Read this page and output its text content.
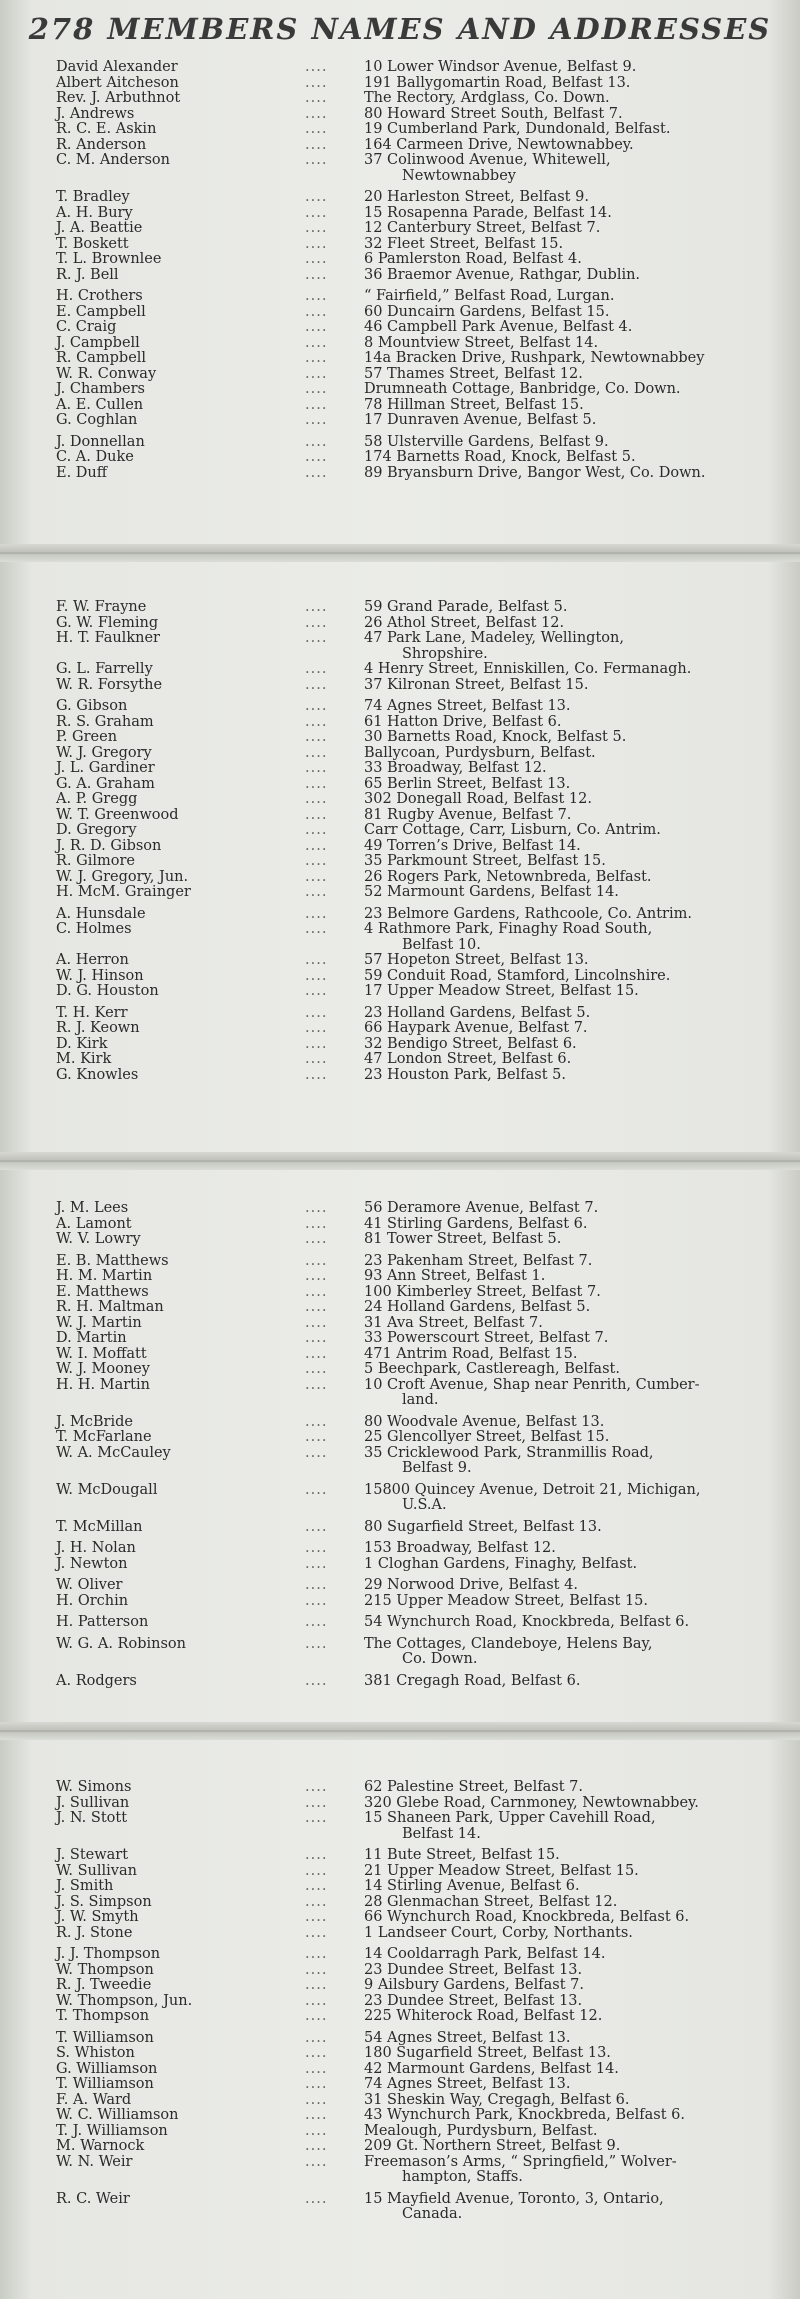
278 MEMBERS NAMES AND ADDRESSES
David Alexander	....	10 Lower Windsor Avenue, Belfast 9.
Albert Aitcheson	....	191 Ballygomartin Road, Belfast 13.
Rev. J. Arbuthnot	....	The Rectory, Ardglass, Co. Down.
J. Andrews	....	80 Howard Street South, Belfast 7.
R. C. E. Askin	....	19 Cumberland Park, Dundonald, Belfast.
R. Anderson	....	164 Carmeen Drive, Newtownabbey.
C. M. Anderson	....	37 Colinwood Avenue, Whitewell,
Newtownabbey
T. Bradley	....	20 Harleston Street, Belfast 9.
A. H. Bury	....	15 Rosapenna Parade, Belfast 14.
J. A. Beattie	....	12 Canterbury Street, Belfast 7.
T. Boskett	....	32 Fleet Street, Belfast 15.
T. L. Brownlee	....	6 Pamlerston Road, Belfast 4.
R. J. Bell	....	36 Braemor Avenue, Rathgar, Dublin.
H. Crothers	....	“ Fairfield,” Belfast Road, Lurgan.
E. Campbell	....	60 Duncairn Gardens, Belfast 15.
C. Craig	....	46 Campbell Park Avenue, Belfast 4.
J. Campbell	....	8 Mountview Street, Belfast 14.
R. Campbell	....	14a Bracken Drive, Rushpark, Newtownabbey
W. R. Conway	....	57 Thames Street, Belfast 12.
J. Chambers	....	Drumneath Cottage, Banbridge, Co. Down.
A. E. Cullen	....	78 Hillman Street, Belfast 15.
G. Coghlan	....	17 Dunraven Avenue, Belfast 5.
J. Donnellan	....	58 Ulsterville Gardens, Belfast 9.
C. A. Duke	....	174 Barnetts Road, Knock, Belfast 5.
E. Duff	....	89 Bryansburn Drive, Bangor West, Co. Down.
F. W. Frayne	....	59 Grand Parade, Belfast 5.
G. W. Fleming	....	26 Athol Street, Belfast 12.
H. T. Faulkner	....	47 Park Lane, Madeley, Wellington,
Shropshire.
G. L. Farrelly	....	4 Henry Street, Enniskillen, Co. Fermanagh.
W. R. Forsythe	....	37 Kilronan Street, Belfast 15.
G. Gibson	....	74 Agnes Street, Belfast 13.
R. S. Graham	....	61 Hatton Drive, Belfast 6.
P. Green	....	30 Barnetts Road, Knock, Belfast 5.
W. J. Gregory	....	Ballycoan, Purdysburn, Belfast.
J. L. Gardiner	....	33 Broadway, Belfast 12.
G. A. Graham	....	65 Berlin Street, Belfast 13.
A. P. Gregg	....	302 Donegall Road, Belfast 12.
W. T. Greenwood	....	81 Rugby Avenue, Belfast 7.
D. Gregory	....	Carr Cottage, Carr, Lisburn, Co. Antrim.
J. R. D. Gibson	....	49 Torren’s Drive, Belfast 14.
R. Gilmore	....	35 Parkmount Street, Belfast 15.
W. J. Gregory, Jun.	....	26 Rogers Park, Netownbreda, Belfast.
H. McM. Grainger	....	52 Marmount Gardens, Belfast 14.
A. Hunsdale	....	23 Belmore Gardens, Rathcoole, Co. Antrim.
C. Holmes	....	4 Rathmore Park, Finaghy Road South,
Belfast 10.
A. Herron	....	57 Hopeton Street, Belfast 13.
W. J. Hinson	....	59 Conduit Road, Stamford, Lincolnshire.
D. G. Houston	....	17 Upper Meadow Street, Belfast 15.
T. H. Kerr	....	23 Holland Gardens, Belfast 5.
R. J. Keown	....	66 Haypark Avenue, Belfast 7.
D. Kirk	....	32 Bendigo Street, Belfast 6.
M. Kirk	....	47 London Street, Belfast 6.
G. Knowles	....	23 Houston Park, Belfast 5.
J. M. Lees	....	56 Deramore Avenue, Belfast 7.
A. Lamont	....	41 Stirling Gardens, Belfast 6.
W. V. Lowry	....	81 Tower Street, Belfast 5.
E. B. Matthews	....	23 Pakenham Street, Belfast 7.
H. M. Martin	....	93 Ann Street, Belfast 1.
E. Matthews	....	100 Kimberley Street, Belfast 7.
R. H. Maltman	....	24 Holland Gardens, Belfast 5.
W. J. Martin	....	31 Ava Street, Belfast 7.
D. Martin	....	33 Powerscourt Street, Belfast 7.
W. I. Moffatt	....	471 Antrim Road, Belfast 15.
W. J. Mooney	....	5 Beechpark, Castlereagh, Belfast.
H. H. Martin	....	10 Croft Avenue, Shap near Penrith, Cumber-
land.
J. McBride	....	80 Woodvale Avenue, Belfast 13.
T. McFarlane	....	25 Glencollyer Street, Belfast 15.
W. A. McCauley	....	35 Cricklewood Park, Stranmillis Road,
Belfast 9.
W. McDougall	....	15800 Quincey Avenue, Detroit 21, Michigan,
U.S.A.
T. McMillan	....	80 Sugarfield Street, Belfast 13.
J. H. Nolan	....	153 Broadway, Belfast 12.
J. Newton	....	1 Cloghan Gardens, Finaghy, Belfast.
W. Oliver	....	29 Norwood Drive, Belfast 4.
H. Orchin	....	215 Upper Meadow Street, Belfast 15.
H. Patterson	....	54 Wynchurch Road, Knockbreda, Belfast 6.
W. G. A. Robinson	....	The Cottages, Clandeboye, Helens Bay,
Co. Down.
A. Rodgers	....	381 Cregagh Road, Belfast 6.
W. Simons	....	62 Palestine Street, Belfast 7.
J. Sullivan	....	320 Glebe Road, Carnmoney, Newtownabbey.
J. N. Stott	....	15 Shaneen Park, Upper Cavehill Road,
Belfast 14.
J. Stewart	....	11 Bute Street, Belfast 15.
W. Sullivan	....	21 Upper Meadow Street, Belfast 15.
J. Smith	....	14 Stirling Avenue, Belfast 6.
J. S. Simpson	....	28 Glenmachan Street, Belfast 12.
J. W. Smyth	....	66 Wynchurch Road, Knockbreda, Belfast 6.
R. J. Stone	....	1 Landseer Court, Corby, Northants.
J. J. Thompson	....	14 Cooldarragh Park, Belfast 14.
W. Thompson	....	23 Dundee Street, Belfast 13.
R. J. Tweedie	....	9 Ailsbury Gardens, Belfast 7.
W. Thompson, Jun.	....	23 Dundee Street, Belfast 13.
T. Thompson	....	225 Whiterock Road, Belfast 12.
T. Williamson	....	54 Agnes Street, Belfast 13.
S. Whiston	....	180 Sugarfield Street, Belfast 13.
G. Williamson	....	42 Marmount Gardens, Belfast 14.
T. Williamson	....	74 Agnes Street, Belfast 13.
F. A. Ward	....	31 Sheskin Way, Cregagh, Belfast 6.
W. C. Williamson	....	43 Wynchurch Park, Knockbreda, Belfast 6.
T. J. Williamson	....	Mealough, Purdysburn, Belfast.
M. Warnock	....	209 Gt. Northern Street, Belfast 9.
W. N. Weir	....	Freemason’s Arms, “ Springfield,” Wolver-
hampton, Staffs.
R. C. Weir	....	15 Mayfield Avenue, Toronto, 3, Ontario,
Canada.
